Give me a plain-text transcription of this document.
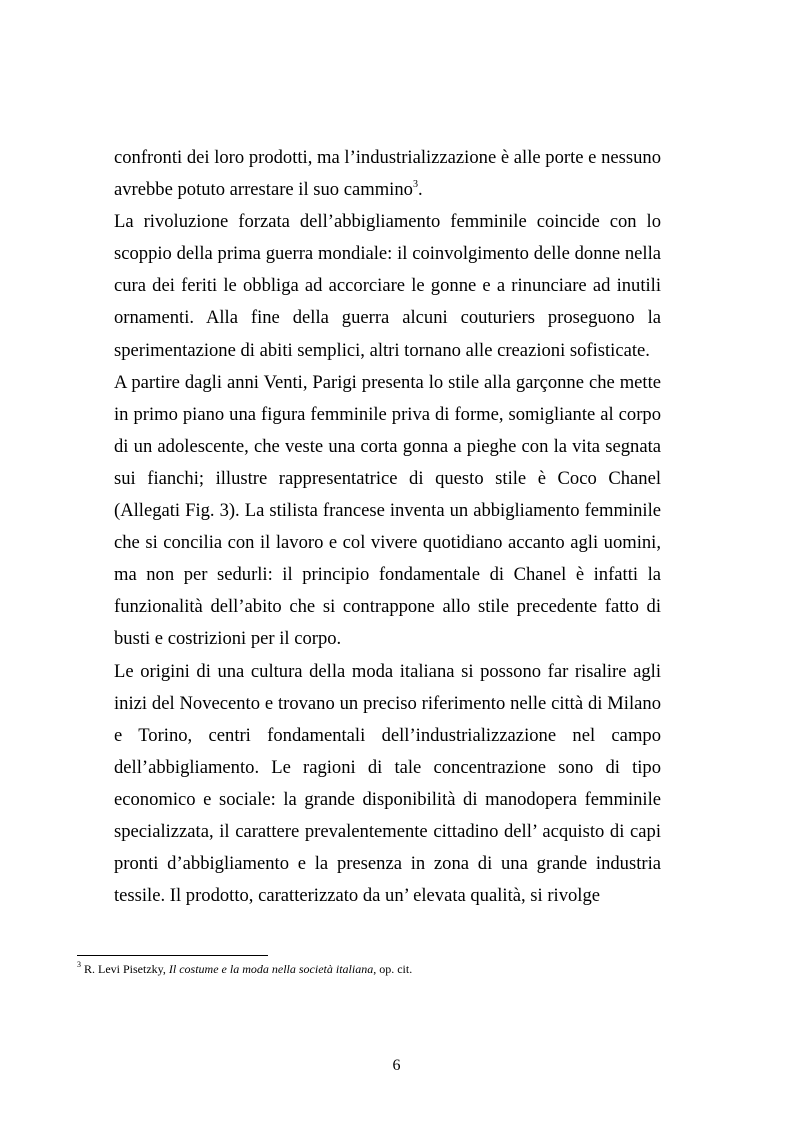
confronti dei loro prodotti, ma l’industrializzazione è alle porte e nessuno avrebbe potuto arrestare il suo cammino$^3$.

La rivoluzione forzata dell’abbigliamento femminile coincide con lo scoppio della prima guerra mondiale: il coinvolgimento delle donne nella cura dei feriti le obbliga ad accorciare le gonne e a rinunciare ad inutili ornamenti. Alla fine della guerra alcuni couturiers proseguono la sperimentazione di abiti semplici, altri tornano alle creazioni sofisticate.

A partire dagli anni Venti, Parigi presenta lo stile alla garçonne che mette in primo piano una figura femminile priva di forme, somigliante al corpo di un adolescente, che veste una corta gonna a pieghe con la vita segnata sui fianchi; illustre rappresentatrice di questo stile è Coco Chanel (Allegati Fig. 3). La stilista francese inventa un abbigliamento femminile che si concilia con il lavoro e col vivere quotidiano accanto agli uomini, ma non per sedurli: il principio fondamentale di Chanel è infatti la funzionalità dell’abito che si contrappone allo stile precedente fatto di busti e costrizioni per il corpo.

Le origini di una cultura della moda italiana si possono far risalire agli inizi del Novecento e trovano un preciso riferimento nelle città di Milano e Torino, centri fondamentali dell’industrializzazione nel campo dell’abbigliamento. Le ragioni di tale concentrazione sono di tipo economico e sociale: la grande disponibilità di manodopera femminile specializzata, il carattere prevalentemente cittadino dell’ acquisto di capi pronti d’abbigliamento e la presenza in zona di una grande industria tessile. Il prodotto, caratterizzato da un’ elevata qualità, si rivolge

$^3$ R. Levi Pisetzky, Il costume e la moda nella società italiana, op. cit.
6
